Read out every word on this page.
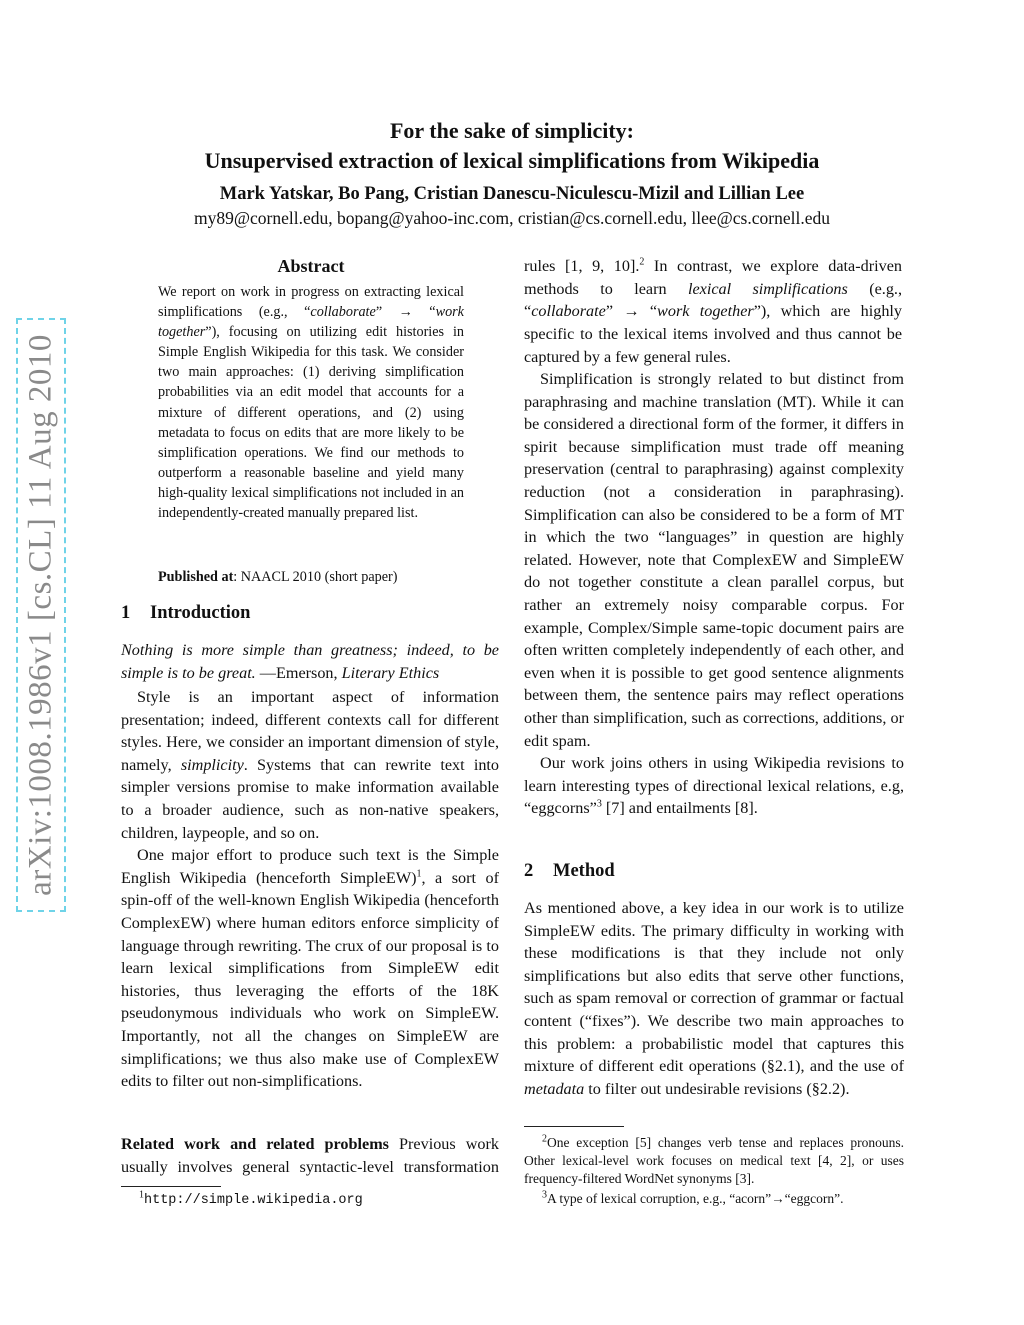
For the sake of simplicity:
Unsupervised extraction of lexical simplifications from Wikipedia
Mark Yatskar, Bo Pang, Cristian Danescu-Niculescu-Mizil and Lillian Lee
my89@cornell.edu, bopang@yahoo-inc.com, cristian@cs.cornell.edu, llee@cs.cornell.edu
arXiv:1008.1986v1 [cs.CL] 11 Aug 2010
Abstract
We report on work in progress on extracting lexical simplifications (e.g., “collaborate” → “work together”), focusing on utilizing edit histories in Simple English Wikipedia for this task. We consider two main approaches: (1) deriving simplification probabilities via an edit model that accounts for a mixture of different operations, and (2) using metadata to focus on edits that are more likely to be simplification operations. We find our methods to outperform a reasonable baseline and yield many high-quality lexical simplifications not included in an independently-created manually prepared list.
Published at: NAACL 2010 (short paper)
1 Introduction
Nothing is more simple than greatness; indeed, to be simple is to be great. —Emerson, Literary Ethics

Style is an important aspect of information presentation; indeed, different contexts call for different styles. Here, we consider an important dimension of style, namely, simplicity. Systems that can rewrite text into simpler versions promise to make information available to a broader audience, such as non-native speakers, children, laypeople, and so on.

One major effort to produce such text is the Simple English Wikipedia (henceforth SimpleEW)$^1$, a sort of spin-off of the well-known English Wikipedia (henceforth ComplexEW) where human editors enforce simplicity of language through rewriting. The crux of our proposal is to learn lexical simplifications from SimpleEW edit histories, thus leveraging the efforts of the 18K pseudonymous individuals who work on SimpleEW. Importantly, not all the changes on SimpleEW are simplifications; we thus also make use of ComplexEW edits to filter out non-simplifications.

Related work and related problems Previous work usually involves general syntactic-level transformation

rules [1, 9, 10].$^2$ In contrast, we explore data-driven methods to learn lexical simplifications (e.g., “collaborate” → “work together”), which are highly specific to the lexical items involved and thus cannot be captured by a few general rules.

Simplification is strongly related to but distinct from paraphrasing and machine translation (MT). While it can be considered a directional form of the former, it differs in spirit because simplification must trade off meaning preservation (central to paraphrasing) against complexity reduction (not a consideration in paraphrasing). Simplification can also be considered to be a form of MT in which the two “languages” in question are highly related. However, note that ComplexEW and SimpleEW do not together constitute a clean parallel corpus, but rather an extremely noisy comparable corpus. For example, Complex/Simple same-topic document pairs are often written completely independently of each other, and even when it is possible to get good sentence alignments between them, the sentence pairs may reflect operations other than simplification, such as corrections, additions, or edit spam.

Our work joins others in using Wikipedia revisions to learn interesting types of directional lexical relations, e.g, “eggcorns”$^3$ [7] and entailments [8].

As mentioned above, a key idea in our work is to utilize SimpleEW edits. The primary difficulty in working with these modifications is that they include not only simplifications but also edits that serve other functions, such as spam removal or correction of grammar or factual content (“fixes”). We describe two main approaches to this problem: a probabilistic model that captures this mixture of different edit operations (§2.1), and the use of metadata to filter out undesirable revisions (§2.2).

2 Method
$^1$http://simple.wikipedia.org
$^2$One exception [5] changes verb tense and replaces pronouns. Other lexical-level work focuses on medical text [4, 2], or uses frequency-filtered WordNet synonyms [3].
$^3$A type of lexical corruption, e.g., “acorn”→“eggcorn”.
